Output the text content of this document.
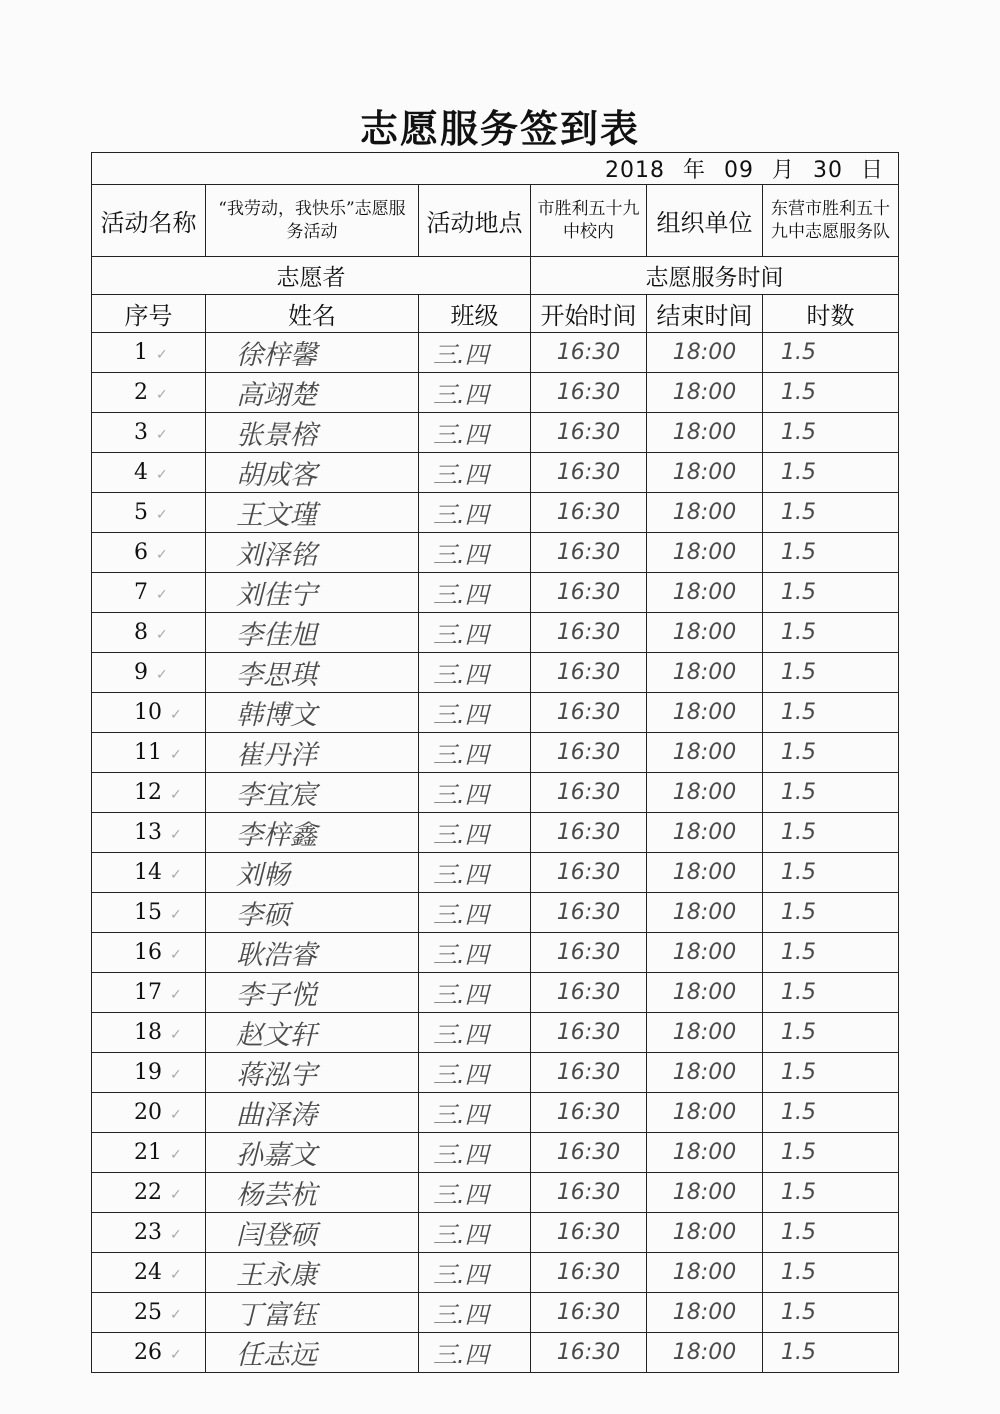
志愿服务签到表
2018 年 09 月 30 日					
活动名称	“我劳动，我快乐”志愿服务活动	活动地点	市胜利五十九中校内	组织单位	东营市胜利五十九中志愿服务队
志愿者			志愿服务时间		
序号	姓名	班级	开始时间	结束时间	时数
1 ✓	徐梓馨	三.四	16:30	18:00	1.5
2 ✓	高翊楚	三.四	16:30	18:00	1.5
3 ✓	张景榕	三.四	16:30	18:00	1.5
4 ✓	胡成客	三.四	16:30	18:00	1.5
5 ✓	王文瑾	三.四	16:30	18:00	1.5
6 ✓	刘泽铭	三.四	16:30	18:00	1.5
7 ✓	刘佳宁	三.四	16:30	18:00	1.5
8 ✓	李佳旭	三.四	16:30	18:00	1.5
9 ✓	李思琪	三.四	16:30	18:00	1.5
10 ✓	韩博文	三.四	16:30	18:00	1.5
11 ✓	崔丹洋	三.四	16:30	18:00	1.5
12 ✓	李宜宸	三.四	16:30	18:00	1.5
13 ✓	李梓鑫	三.四	16:30	18:00	1.5
14 ✓	刘畅	三.四	16:30	18:00	1.5
15 ✓	李硕	三.四	16:30	18:00	1.5
16 ✓	耿浩睿	三.四	16:30	18:00	1.5
17 ✓	李子悦	三.四	16:30	18:00	1.5
18 ✓	赵文轩	三.四	16:30	18:00	1.5
19 ✓	蒋泓宇	三.四	16:30	18:00	1.5
20 ✓	曲泽涛	三.四	16:30	18:00	1.5
21 ✓	孙嘉文	三.四	16:30	18:00	1.5
22 ✓	杨芸杭	三.四	16:30	18:00	1.5
23 ✓	闫登硕	三.四	16:30	18:00	1.5
24 ✓	王永康	三.四	16:30	18:00	1.5
25 ✓	丁富钰	三.四	16:30	18:00	1.5
26 ✓	任志远	三.四	16:30	18:00	1.5
